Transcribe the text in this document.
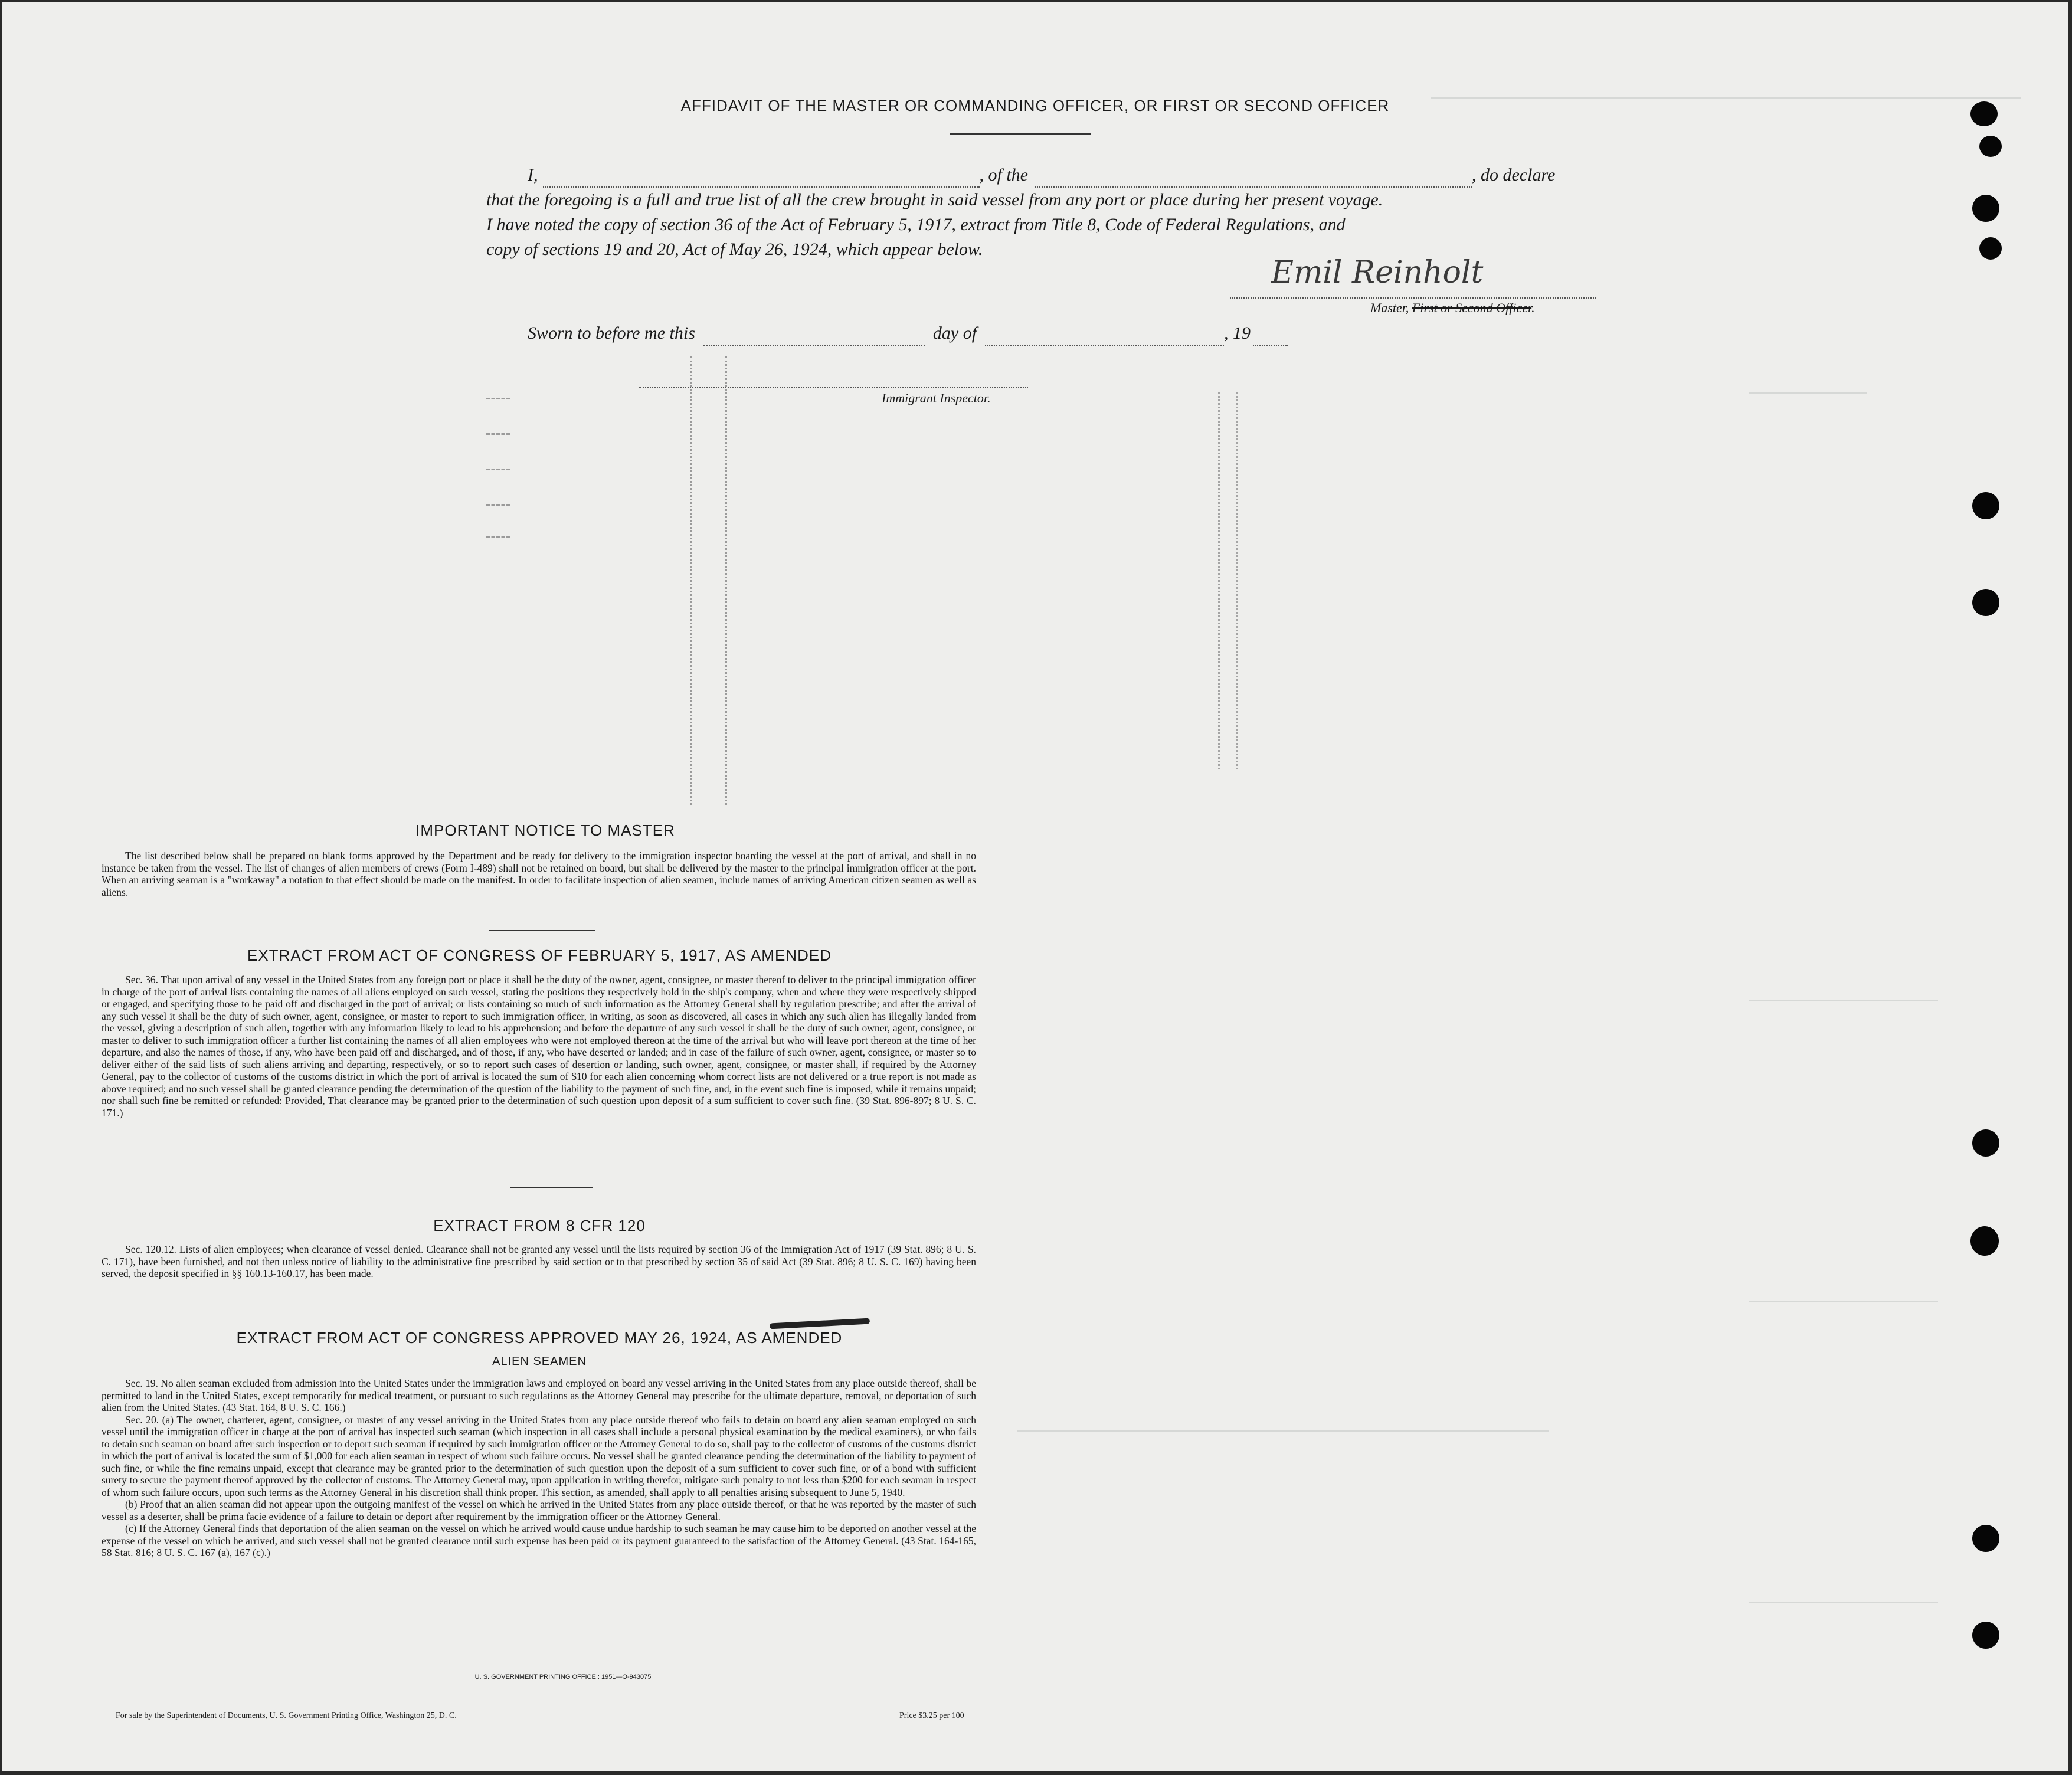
AFFIDAVIT OF THE MASTER OR COMMANDING OFFICER, OR FIRST OR SECOND OFFICER
I,	, of the	, do declare
that the foregoing is a full and true list of all the crew brought in said vessel from any port or place during her present voyage.
I have noted the copy of section 36 of the Act of February 5, 1917, extract from Title 8, Code of Federal Regulations, and
copy of sections 19 and 20, Act of May 26, 1924, which appear below.
Emil Reinholt
Master, First or Second Officer.
Sworn to before me this	day of	, 19
Immigrant Inspector.
IMPORTANT NOTICE TO MASTER
The list described below shall be prepared on blank forms approved by the Department and be ready for delivery to the immigration inspector boarding the vessel at the port of arrival, and shall in no instance be taken from the vessel. The list of changes of alien members of crews (Form I-489) shall not be retained on board, but shall be delivered by the master to the principal immigration officer at the port. When an arriving seaman is a "workaway" a notation to that effect should be made on the manifest. In order to facilitate inspection of alien seamen, include names of arriving American citizen seamen as well as aliens.
EXTRACT FROM ACT OF CONGRESS OF FEBRUARY 5, 1917, AS AMENDED
Sec. 36. That upon arrival of any vessel in the United States from any foreign port or place it shall be the duty of the owner, agent, consignee, or master thereof to deliver to the principal immigration officer in charge of the port of arrival lists containing the names of all aliens employed on such vessel, stating the positions they respectively hold in the ship's company, when and where they were respectively shipped or engaged, and specifying those to be paid off and discharged in the port of arrival; or lists containing so much of such information as the Attorney General shall by regulation prescribe; and after the arrival of any such vessel it shall be the duty of such owner, agent, consignee, or master to report to such immigration officer, in writing, as soon as discovered, all cases in which any such alien has illegally landed from the vessel, giving a description of such alien, together with any information likely to lead to his apprehension; and before the departure of any such vessel it shall be the duty of such owner, agent, consignee, or master to deliver to such immigration officer a further list containing the names of all alien employees who were not employed thereon at the time of the arrival but who will leave port thereon at the time of her departure, and also the names of those, if any, who have been paid off and discharged, and of those, if any, who have deserted or landed; and in case of the failure of such owner, agent, consignee, or master so to deliver either of the said lists of such aliens arriving and departing, respectively, or so to report such cases of desertion or landing, such owner, agent, consignee, or master shall, if required by the Attorney General, pay to the collector of customs of the customs district in which the port of arrival is located the sum of $10 for each alien concerning whom correct lists are not delivered or a true report is not made as above required; and no such vessel shall be granted clearance pending the determination of the question of the liability to the payment of such fine, and, in the event such fine is imposed, while it remains unpaid; nor shall such fine be remitted or refunded: Provided, That clearance may be granted prior to the determination of such question upon deposit of a sum sufficient to cover such fine. (39 Stat. 896-897; 8 U. S. C. 171.)
EXTRACT FROM 8 CFR 120
Sec. 120.12. Lists of alien employees; when clearance of vessel denied. Clearance shall not be granted any vessel until the lists required by section 36 of the Immigration Act of 1917 (39 Stat. 896; 8 U. S. C. 171), have been furnished, and not then unless notice of liability to the administrative fine prescribed by said section or to that prescribed by section 35 of said Act (39 Stat. 896; 8 U. S. C. 169) having been served, the deposit specified in §§ 160.13-160.17, has been made.
EXTRACT FROM ACT OF CONGRESS APPROVED MAY 26, 1924, AS AMENDED
ALIEN SEAMEN
Sec. 19. No alien seaman excluded from admission into the United States under the immigration laws and employed on board any vessel arriving in the United States from any place outside thereof, shall be permitted to land in the United States, except temporarily for medical treatment, or pursuant to such regulations as the Attorney General may prescribe for the ultimate departure, removal, or deportation of such alien from the United States. (43 Stat. 164, 8 U. S. C. 166.)
Sec. 20. (a) The owner, charterer, agent, consignee, or master of any vessel arriving in the United States from any place outside thereof who fails to detain on board any alien seaman employed on such vessel until the immigration officer in charge at the port of arrival has inspected such seaman (which inspection in all cases shall include a personal physical examination by the medical examiners), or who fails to detain such seaman on board after such inspection or to deport such seaman if required by such immigration officer or the Attorney General to do so, shall pay to the collector of customs of the customs district in which the port of arrival is located the sum of $1,000 for each alien seaman in respect of whom such failure occurs. No vessel shall be granted clearance pending the determination of the liability to payment of such fine, or while the fine remains unpaid, except that clearance may be granted prior to the determination of such question upon the deposit of a sum sufficient to cover such fine, or of a bond with sufficient surety to secure the payment thereof approved by the collector of customs. The Attorney General may, upon application in writing therefor, mitigate such penalty to not less than $200 for each seaman in respect of whom such failure occurs, upon such terms as the Attorney General in his discretion shall think proper. This section, as amended, shall apply to all penalties arising subsequent to June 5, 1940.
(b) Proof that an alien seaman did not appear upon the outgoing manifest of the vessel on which he arrived in the United States from any place outside thereof, or that he was reported by the master of such vessel as a deserter, shall be prima facie evidence of a failure to detain or deport after requirement by the immigration officer or the Attorney General.
(c) If the Attorney General finds that deportation of the alien seaman on the vessel on which he arrived would cause undue hardship to such seaman he may cause him to be deported on another vessel at the expense of the vessel on which he arrived, and such vessel shall not be granted clearance until such expense has been paid or its payment guaranteed to the satisfaction of the Attorney General. (43 Stat. 164-165, 58 Stat. 816; 8 U. S. C. 167 (a), 167 (c).)
U. S. GOVERNMENT PRINTING OFFICE : 1951—O-943075
For sale by the Superintendent of Documents, U. S. Government Printing Office, Washington 25, D. C.	Price $3.25 per 100
